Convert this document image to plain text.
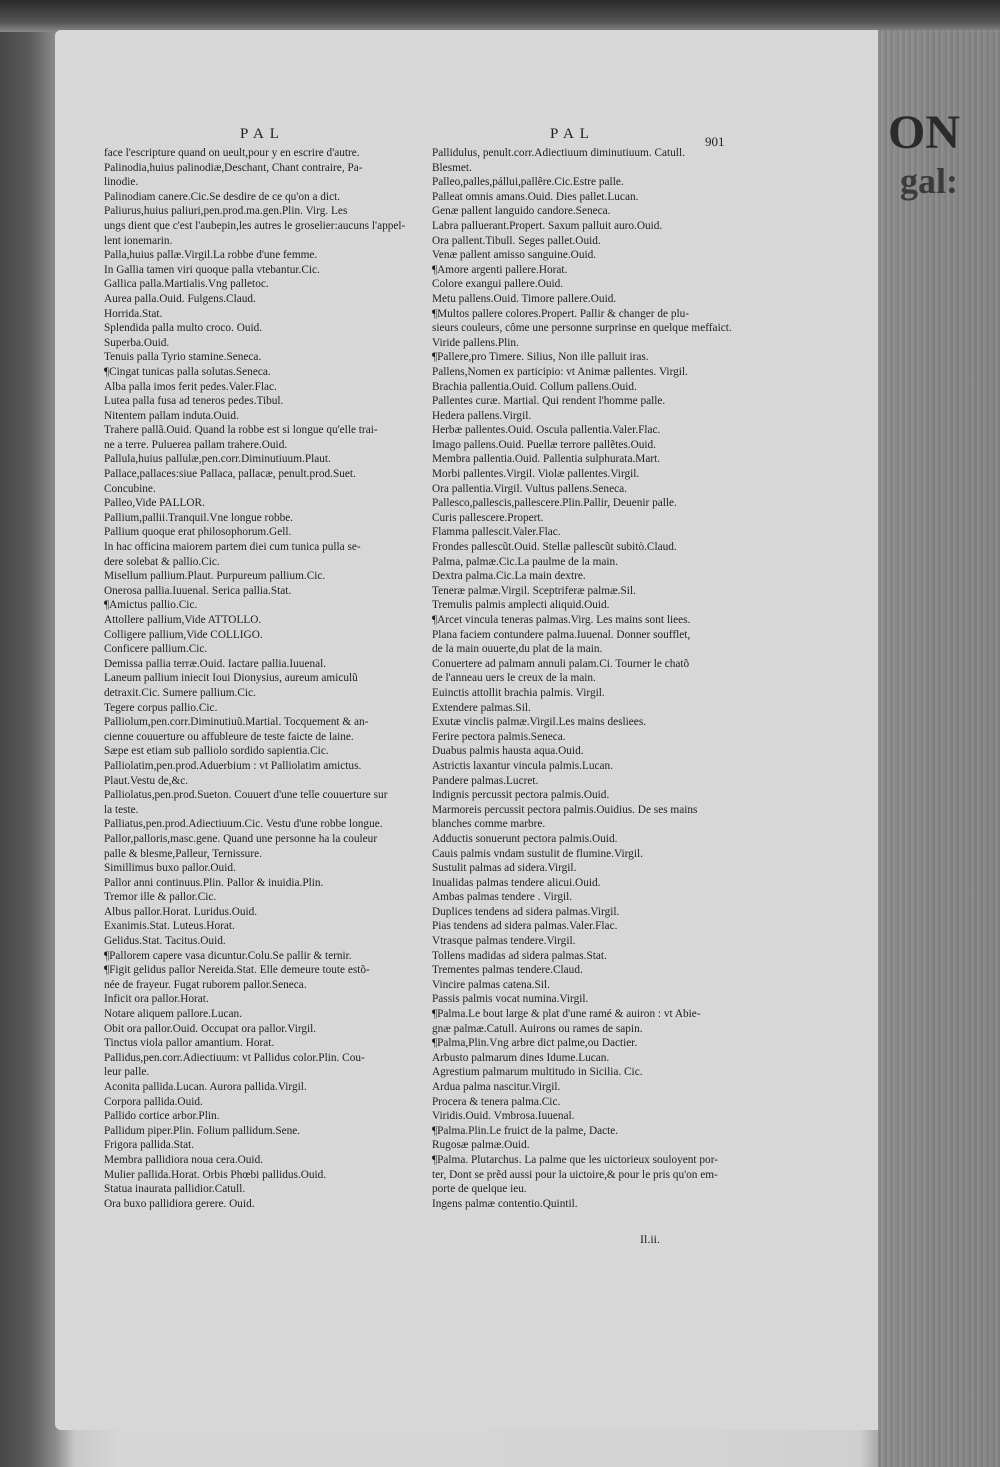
ON
gal:
PAL	PAL	901
face l'escripture quand on ueult,pour y en escrire d'autre.
Palinodia,huius palinodiæ,Deschant, Chant contraire, Pa-
linodie.
Palinodiam canere.Cic.Se desdire de ce qu'on a dict.
Paliurus,huius paliuri,pen.prod.ma.gen.Plin. Virg. Les
ungs dient que c'est l'aubepin,les autres le groselier:aucuns l'appel-
lent ionemarin.
Palla,huius pallæ.Virgil.La robbe d'une femme.
In Gallia tamen viri quoque palla vtebantur.Cic.
Gallica palla.Martialis.Vng palletoc.
Aurea palla.Ouid. Fulgens.Claud.
Horrida.Stat.
Splendida palla multo croco. Ouid.
Superba.Ouid.
Tenuis palla Tyrio stamine.Seneca.
¶Cingat tunicas palla solutas.Seneca.
Alba palla imos ferit pedes.Valer.Flac.
Lutea palla fusa ad teneros pedes.Tibul.
Nitentem pallam induta.Ouid.
Trahere pallã.Ouid. Quand la robbe est si longue qu'elle trai-
ne a terre. Puluerea pallam trahere.Ouid.
Pallula,huius pallulæ,pen.corr.Diminutiuum.Plaut.
Pallace,pallaces:siue Pallaca, pallacæ, penult.prod.Suet.
Concubine.
Palleo,Vide PALLOR.
Pallium,pallii.Tranquil.Vne longue robbe.
Pallium quoque erat philosophorum.Gell.
In hac officina maiorem partem diei cum tunica pulla se-
dere solebat & pallio.Cic.
Misellum pallium.Plaut. Purpureum pallium.Cic.
Onerosa pallia.Iuuenal. Serica pallia.Stat.
¶Amictus pallio.Cic.
Attollere pallium,Vide ATTOLLO.
Colligere pallium,Vide COLLIGO.
Conficere pallium.Cic.
Demissa pallia terræ.Ouid. Iactare pallia.Iuuenal.
Laneum pallium iniecit Ioui Dionysius, aureum amiculũ
detraxit.Cic. Sumere pallium.Cic.
Tegere corpus pallio.Cic.
Palliolum,pen.corr.Diminutiuũ.Martial. Tocquement & an-
cienne couuerture ou affubleure de teste faicte de laine.
Sæpe est etiam sub palliolo sordido sapientia.Cic.
Palliolatim,pen.prod.Aduerbium : vt Palliolatim amictus.
Plaut.Vestu de,&c.
Palliolatus,pen.prod.Sueton. Couuert d'une telle couuerture sur
la teste.
Palliatus,pen.prod.Adiectiuum.Cic. Vestu d'une robbe longue.
Pallor,palloris,masc.gene. Quand une personne ha la couleur
palle & blesme,Palleur, Ternissure.
Simillimus buxo pallor.Ouid.
Pallor anni continuus.Plin. Pallor & inuidia.Plin.
Tremor ille & pallor.Cic.
Albus pallor.Horat. Luridus.Ouid.
Exanimis.Stat. Luteus.Horat.
Gelidus.Stat. Tacitus.Ouid.
¶Pallorem capere vasa dicuntur.Colu.Se pallir & ternir.
¶Figit gelidus pallor Nereida.Stat. Elle demeure toute estõ-
née de frayeur. Fugat ruborem pallor.Seneca.
Inficit ora pallor.Horat.
Notare aliquem pallore.Lucan.
Obit ora pallor.Ouid. Occupat ora pallor.Virgil.
Tinctus viola pallor amantium. Horat.
Pallidus,pen.corr.Adiectiuum: vt Pallidus color.Plin. Cou-
leur palle.
Aconita pallida.Lucan. Aurora pallida.Virgil.
Corpora pallida.Ouid.
Pallido cortice arbor.Plin.
Pallidum piper.Plin. Folium pallidum.Sene.
Frigora pallida.Stat.
Membra pallidiora noua cera.Ouid.
Mulier pallida.Horat. Orbis Phœbi pallidus.Ouid.
Statua inaurata pallidior.Catull.
Ora buxo pallidiora gerere. Ouid.
Pallidulus, penult.corr.Adiectiuum diminutiuum. Catull.
Blesmet.
Palleo,palles,pállui,pallêre.Cic.Estre palle.
Palleat omnis amans.Ouid. Dies pallet.Lucan.
Genæ pallent languido candore.Seneca.
Labra palluerant.Propert. Saxum palluit auro.Ouid.
Ora pallent.Tibull. Seges pallet.Ouid.
Venæ pallent amisso sanguine.Ouid.
¶Amore argenti pallere.Horat.
Colore exangui pallere.Ouid.
Metu pallens.Ouid. Timore pallere.Ouid.
¶Multos pallere colores.Propert. Pallir & changer de plu-
sieurs couleurs, côme une personne surprinse en quelque meffaict.
Viride pallens.Plin.
¶Pallere,pro Timere. Silius, Non ille palluit iras.
Pallens,Nomen ex participio: vt Animæ pallentes. Virgil.
Brachia pallentia.Ouid. Collum pallens.Ouid.
Pallentes curæ. Martial. Qui rendent l'homme palle.
Hedera pallens.Virgil.
Herbæ pallentes.Ouid. Oscula pallentia.Valer.Flac.
Imago pallens.Ouid. Puellæ terrore pallẽtes.Ouid.
Membra pallentia.Ouid. Pallentia sulphurata.Mart.
Morbi pallentes.Virgil. Violæ pallentes.Virgil.
Ora pallentia.Virgil. Vultus pallens.Seneca.
Pallesco,pallescis,pallescere.Plin.Pallir, Deuenir palle.
Curis pallescere.Propert.
Flamma pallescit.Valer.Flac.
Frondes pallescũt.Ouid. Stellæ pallescũt subitò.Claud.
Palma, palmæ.Cic.La paulme de la main.
Dextra palma.Cic.La main dextre.
Teneræ palmæ.Virgil. Sceptriferæ palmæ.Sil.
Tremulis palmis amplecti aliquid.Ouid.
¶Arcet vincula teneras palmas.Virg. Les mains sont liees.
Plana faciem contundere palma.Iuuenal. Donner soufflet,
de la main ouuerte,du plat de la main.
Conuertere ad palmam annuli palam.Ci. Tourner le chatõ
de l'anneau uers le creux de la main.
Euinctis attollit brachia palmis. Virgil.
Extendere palmas.Sil.
Exutæ vinclis palmæ.Virgil.Les mains desliees.
Ferire pectora palmis.Seneca.
Duabus palmis hausta aqua.Ouid.
Astrictis laxantur vincula palmis.Lucan.
Pandere palmas.Lucret.
Indignis percussit pectora palmis.Ouid.
Marmoreis percussit pectora palmis.Ouidius. De ses mains
blanches comme marbre.
Adductis sonuerunt pectora palmis.Ouid.
Cauis palmis vndam sustulit de flumine.Virgil.
Sustulit palmas ad sidera.Virgil.
Inualidas palmas tendere alicui.Ouid.
Ambas palmas tendere . Virgil.
Duplices tendens ad sidera palmas.Virgil.
Pias tendens ad sidera palmas.Valer.Flac.
Vtrasque palmas tendere.Virgil.
Tollens madidas ad sidera palmas.Stat.
Trementes palmas tendere.Claud.
Vincire palmas catena.Sil.
Passis palmis vocat numina.Virgil.
¶Palma.Le bout large & plat d'une ramé & auiron : vt Abie-
gnæ palmæ.Catull. Auirons ou rames de sapin.
¶Palma,Plin.Vng arbre dict palme,ou Dactier.
Arbusto palmarum dines Idume.Lucan.
Agrestium palmarum multitudo in Sicilia. Cic.
Ardua palma nascitur.Virgil.
Procera & tenera palma.Cic.
Viridis.Ouid. Vmbrosa.Iuuenal.
¶Palma.Plin.Le fruict de la palme, Dacte.
Rugosæ palmæ.Ouid.
¶Palma. Plutarchus. La palme que les uictorieux souloyent por-
ter, Dont se prẽd aussi pour la uictoire,& pour le pris qu'on em-
porte de quelque ieu.
Ingens palmæ contentio.Quintil.
Il.ii.
